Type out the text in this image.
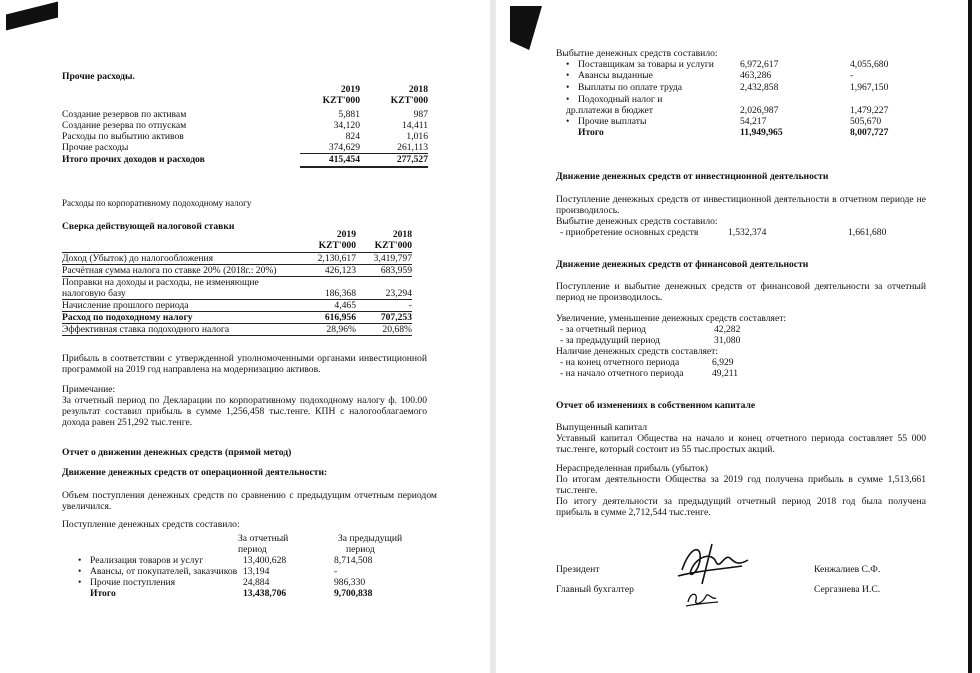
Прочие расходы.
2019	2018
KZT'000	KZT'000
Создание резервов по активам	5,881	987
Создание резерва по отпускам	34,120	14,411
Расходы по выбытию активов	824	1,016
Прочие расходы	374,629	261,113
Итого прочих доходов и расходов	415,454	277,527
Расходы по корпоративному подоходному налогу
Сверка действующей налоговой ставки
2019	2018
KZT'000	KZT'000
Доход (Убыток) до налогообложения	2,130,617	3,419,797
Расчётная сумма налога по ставке 20% (2018г.: 20%)	426,123	683,959
Поправки на доходы и расходы, не изменяющие
налоговую базу	186,368	23,294
Начисление прошлого периода	4,465	-
Расход по подоходному налогу	616,956	707,253
Эффективная ставка подоходного налога	28,96%	20,68%
Прибыль в соответствии с утвержденной уполномоченными органами инвестиционной программой на 2019 год направлена на модернизацию активов.
Примечание:
За отчетный период по Декларации по корпоративному подоходному налогу ф. 100.00 результат составил прибыль в сумме 1,256,458 тыс.тенге. КПН с налогооблагаемого дохода равен 251,292 тыс.тенге.
Отчет о движении денежных средств (прямой метод)
Движение денежных средств от операционной деятельности:
Объем поступления денежных средств по сравнению с предыдущим отчетным периодом увеличился.
Поступление денежных средств составило:
За отчетный
период
За предыдущий
период
• Реализация товаров и услуг	13,400,628	8,714,508
• Авансы, от покупателей, заказчиков 13,194	-
• Прочие поступления	24,884	986,330
Итого	13,438,706	9,700,838
Выбытие денежных средств составило:
• Поставщикам за товары и услуги	6,972,617	4,055,680
• Авансы выданные	463,286	-
• Выплаты по оплате труда	2,432,858	1,967,150
• Подоходный налог и
др.платежи в бюджет	2,026,987	1,479,227
• Прочие выплаты	54,217	505,670
Итого	11,949,965	8,007,727
Движение денежных средств от инвестиционной деятельности
Поступление денежных средств от инвестиционной деятельности в отчетном периоде не производилось.
Выбытие денежных средств составило:
- приобретение основных средств	1,532,374	1,661,680
Движение денежных средств от финансовой деятельности
Поступление и выбытие денежных средств от финансовой деятельности за отчетный период не производилось.
Увеличение, уменьшение денежных средств составляет:
- за отчетный период	42,282
- за предыдущий период	31,080
Наличие денежных средств составляет:
- на конец отчетного периода	6,929
- на начало отчетного периода	49,211
Отчет об изменениях в собственном капитале
Выпущенный капитал
Уставный капитал Общества на начало и конец отчетного периода составляет 55 000 тыс.тенге, который состоит из 55 тыс.простых акций.
Нераспределенная прибыль (убыток)
По итогам деятельности Общества за 2019 год получена прибыль в сумме 1,513,661 тыс.тенге.
По итогу деятельности за предыдущий отчетный период 2018 год была получена прибыль в сумме 2,712,544 тыс.тенге.
Президент	Кенжалиев С.Ф.
Главный бухгалтер	Сергазиева И.С.
